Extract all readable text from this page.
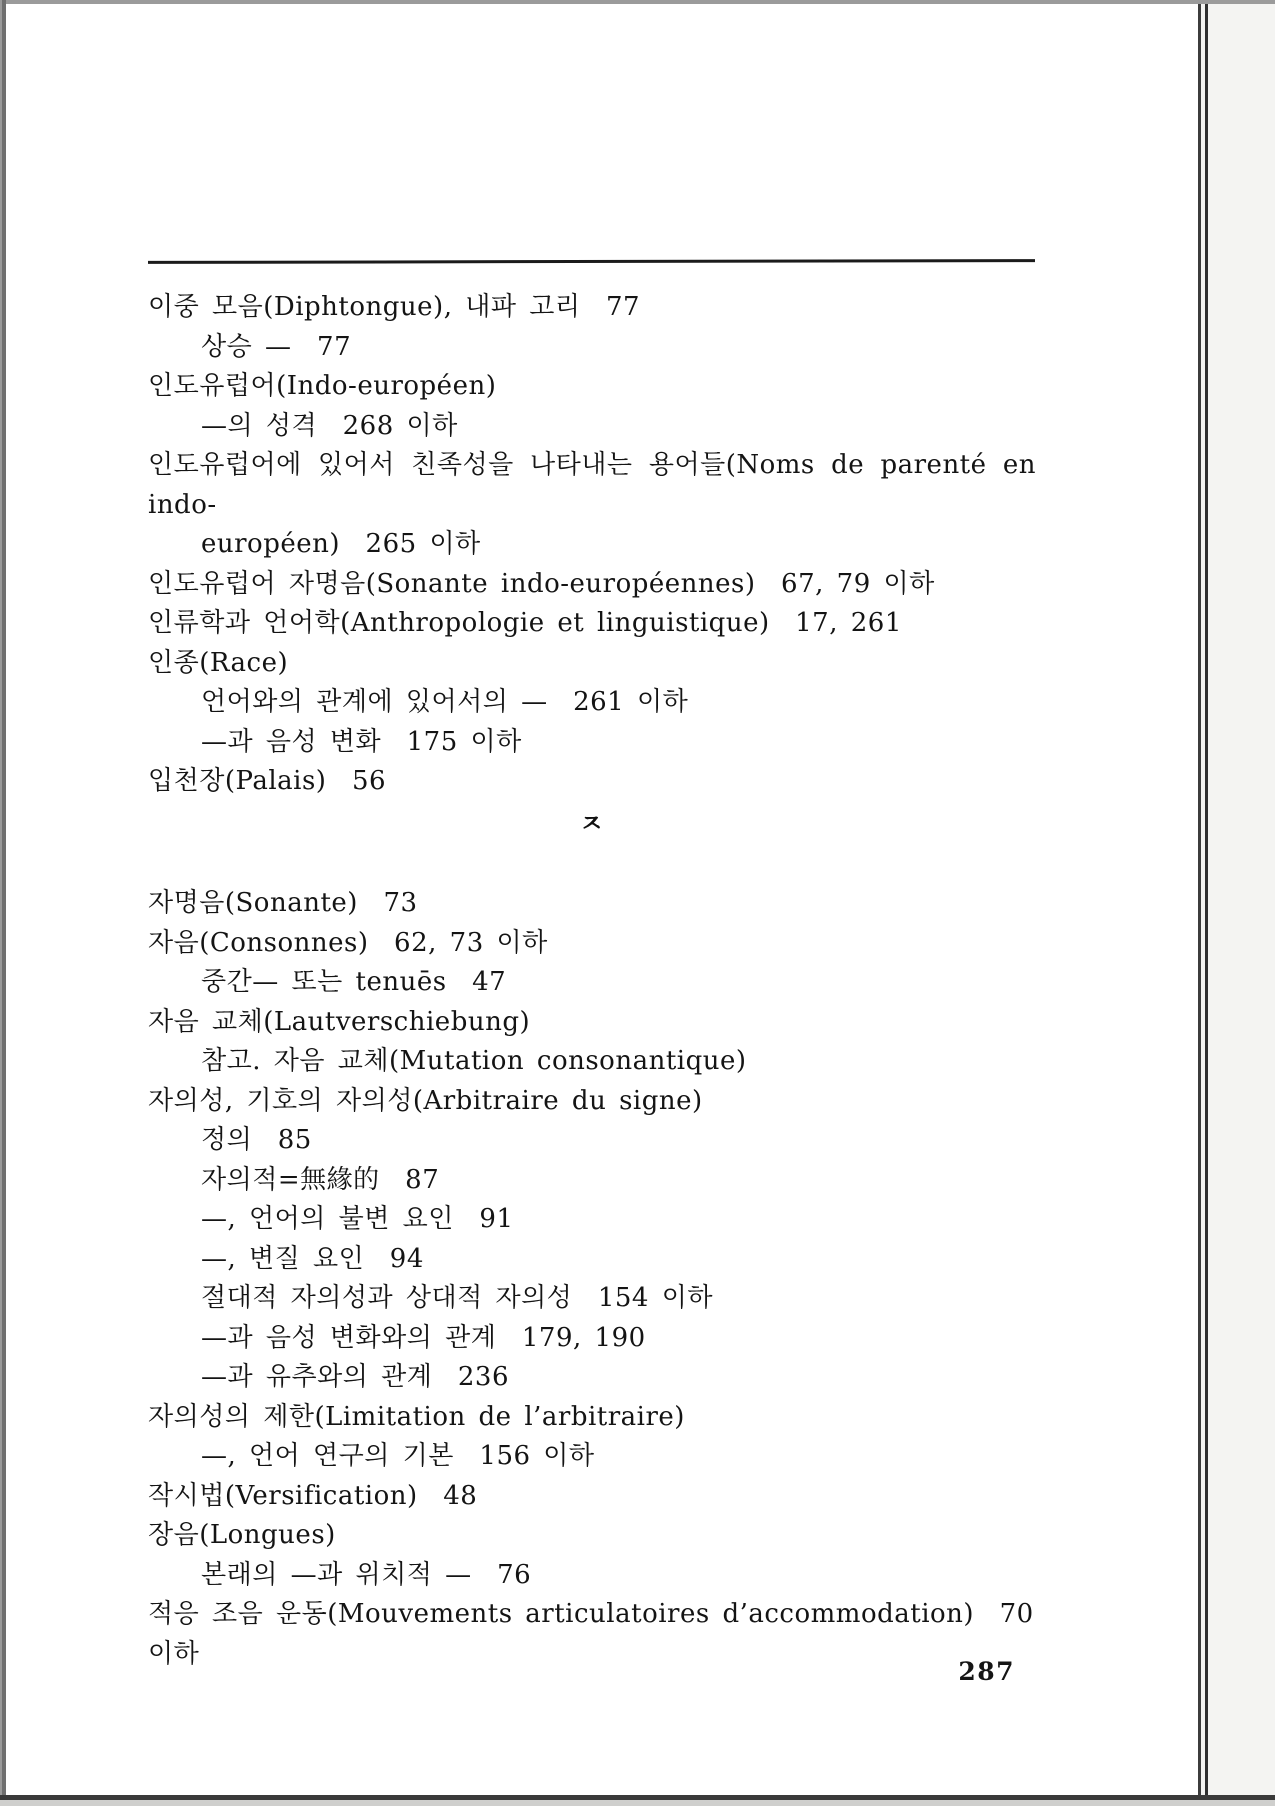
이중 모음(Diphtongue), 내파 고리  77
상승 —  77
인도유럽어(Indo-européen)
—의 성격  268 이하
인도유럽어에 있어서 친족성을 나타내는 용어들(Noms de parenté en indo-
européen)  265 이하
인도유럽어 자명음(Sonante indo-européennes)  67, 79 이하
인류학과 언어학(Anthropologie et linguistique)  17, 261
인종(Race)
언어와의 관계에 있어서의 —  261 이하
—과 음성 변화  175 이하
입천장(Palais)  56
ㅈ
자명음(Sonante)  73
자음(Consonnes)  62, 73 이하
중간— 또는 tenuēs  47
자음 교체(Lautverschiebung)
참고. 자음 교체(Mutation consonantique)
자의성, 기호의 자의성(Arbitraire du signe)
정의  85
자의적=無緣的  87
—, 언어의 불변 요인  91
—, 변질 요인  94
절대적 자의성과 상대적 자의성  154 이하
—과 음성 변화와의 관계  179, 190
—과 유추와의 관계  236
자의성의 제한(Limitation de l’arbitraire)
—, 언어 연구의 기본  156 이하
작시법(Versification)  48
장음(Longues)
본래의 —과 위치적 —  76
적응 조음 운동(Mouvements articulatoires d’accommodation)  70 이하
287
